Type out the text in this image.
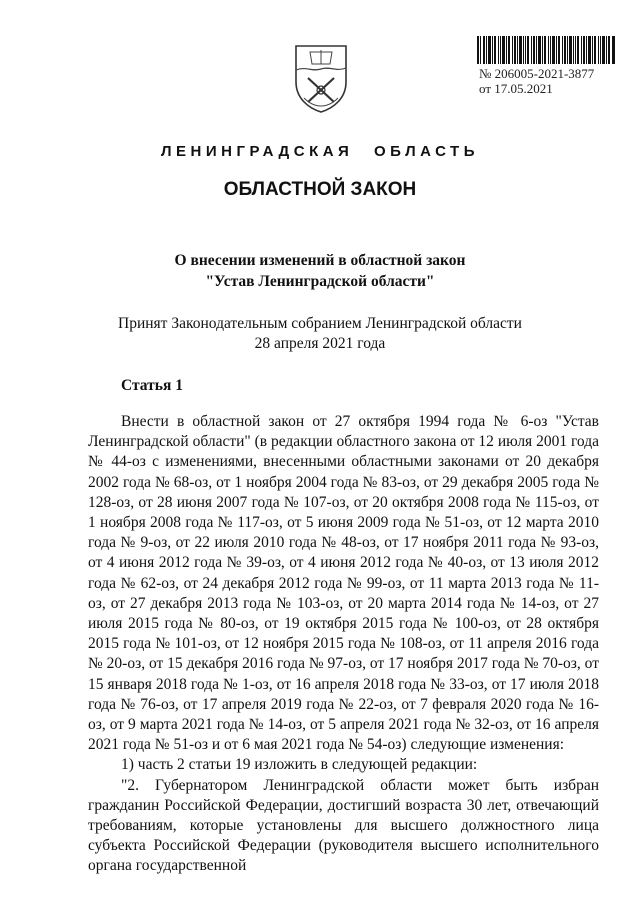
№ 206005-2021-3877
от 17.05.2021
ЛЕНИНГРАДСКАЯ ОБЛАСТЬ
ОБЛАСТНОЙ ЗАКОН
О внесении изменений в областной закон
"Устав Ленинградской области"
Принят Законодательным собранием Ленинградской области
28 апреля 2021 года
Статья 1

Внести в областной закон от 27 октября 1994 года № 6-оз "Устав Ленинградской области" (в редакции областного закона от 12 июля 2001 года № 44-оз с изменениями, внесенными областными законами от 20 декабря 2002 года № 68-оз, от 1 ноября 2004 года № 83-оз, от 29 декабря 2005 года № 128-оз, от 28 июня 2007 года № 107-оз, от 20 октября 2008 года № 115-оз, от 1 ноября 2008 года № 117-оз, от 5 июня 2009 года № 51-оз, от 12 марта 2010 года № 9-оз, от 22 июля 2010 года № 48-оз, от 17 ноября 2011 года № 93-оз, от 4 июня 2012 года № 39-оз, от 4 июня 2012 года № 40-оз, от 13 июля 2012 года № 62-оз, от 24 декабря 2012 года № 99-оз, от 11 марта 2013 года № 11-оз, от 27 декабря 2013 года № 103-оз, от 20 марта 2014 года № 14-оз, от 27 июля 2015 года № 80-оз, от 19 октября 2015 года № 100-оз, от 28 октября 2015 года № 101-оз, от 12 ноября 2015 года № 108-оз, от 11 апреля 2016 года № 20-оз, от 15 декабря 2016 года № 97-оз, от 17 ноября 2017 года № 70-оз, от 15 января 2018 года № 1-оз, от 16 апреля 2018 года № 33-оз, от 17 июля 2018 года № 76-оз, от 17 апреля 2019 года № 22-оз, от 7 февраля 2020 года № 16-оз, от 9 марта 2021 года № 14-оз, от 5 апреля 2021 года № 32-оз, от 16 апреля 2021 года № 51-оз и от 6 мая 2021 года № 54-оз) следующие изменения:

1) часть 2 статьи 19 изложить в следующей редакции:

"2. Губернатором Ленинградской области может быть избран гражданин Российской Федерации, достигший возраста 30 лет, отвечающий требованиям, которые установлены для высшего должностного лица субъекта Российской Федерации (руководителя высшего исполнительного органа государственной
